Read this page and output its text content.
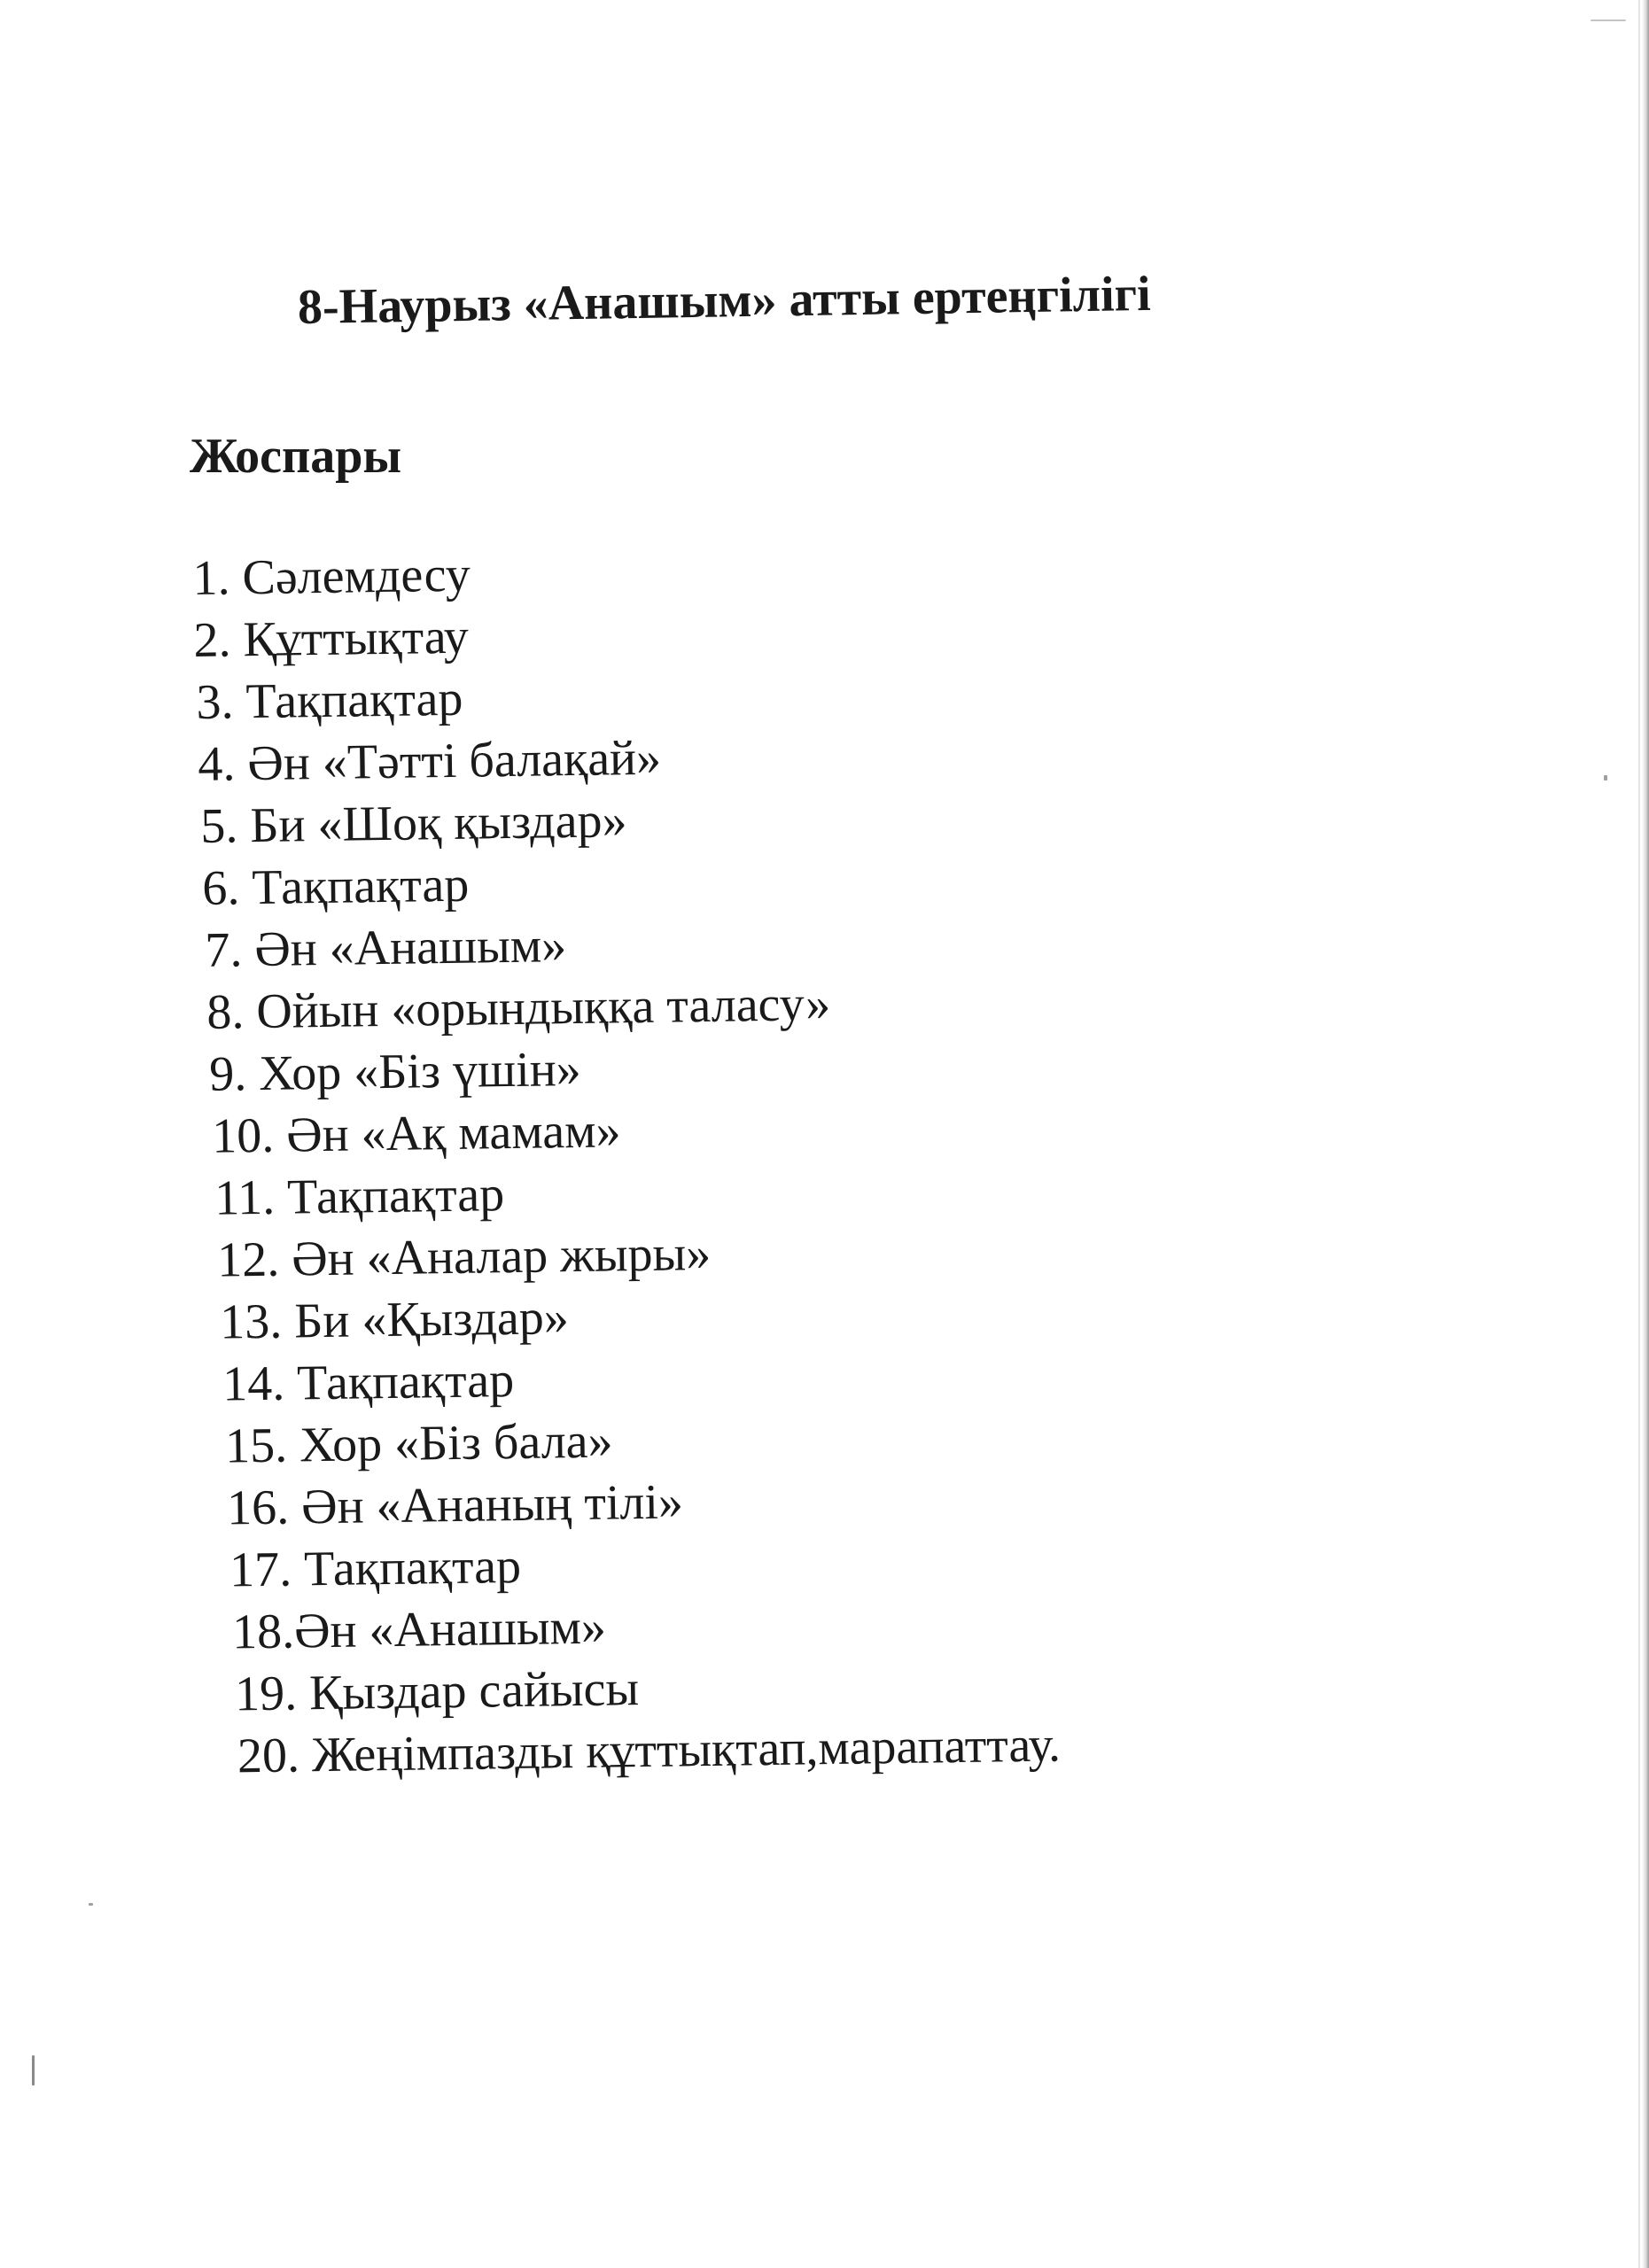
8-Наурыз «Анашым» атты ертеңгілігі
Жоспары
1. Сәлемдесу
2. Құттықтау
3. Тақпақтар
4. Ән «Тәтті балақай»
5. Би «Шоқ қыздар»
6. Тақпақтар
7. Ән «Анашым»
8. Ойын «орындыққа таласу»
9. Хор «Біз үшін»
10. Ән «Ақ мамам»
11. Тақпақтар
12. Ән «Аналар жыры»
13. Би «Қыздар»
14. Тақпақтар
15. Хор «Біз бала»
16. Ән «Ананың тілі»
17. Тақпақтар
18.Ән «Анашым»
19. Қыздар сайысы
20. Жеңімпазды құттықтап,марапаттау.
